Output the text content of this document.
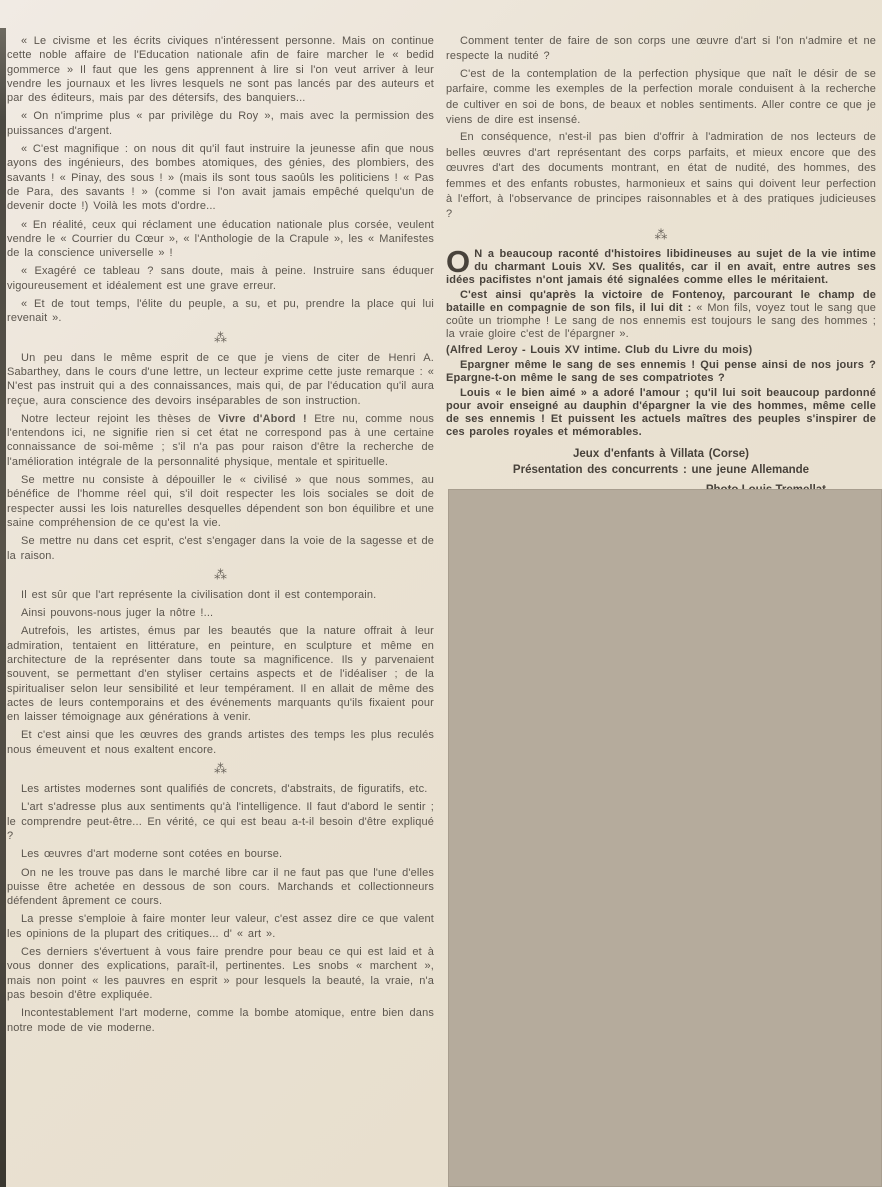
« Le civisme et les écrits civiques n'intéressent personne. Mais on continue cette noble affaire de l'Education nationale afin de faire marcher le « bedid gommerce » Il faut que les gens apprennent à lire si l'on veut arriver à leur vendre les journaux et les livres lesquels ne sont pas lancés par des auteurs et par des éditeurs, mais par des détersifs, des banquiers...

« On n'imprime plus « par privilège du Roy », mais avec la permission des puissances d'argent.

« C'est magnifique : on nous dit qu'il faut instruire la jeunesse afin que nous ayons des ingénieurs, des bombes atomiques, des génies, des plombiers, des savants ! « Pinay, des sous ! » (mais ils sont tous saoûls les politiciens ! « Pas de Para, des savants ! » (comme si l'on avait jamais empêché quelqu'un de devenir docte !) Voilà les mots d'ordre...

« En réalité, ceux qui réclament une éducation nationale plus corsée, veulent vendre le « Courrier du Cœur », « l'Anthologie de la Crapule », les « Manifestes de la conscience universelle » !

« Exagéré ce tableau ? sans doute, mais à peine. Instruire sans éduquer vigoureusement et idéalement est une grave erreur.

« Et de tout temps, l'élite du peuple, a su, et pu, prendre la place qui lui revenait ».

⁂

Un peu dans le même esprit de ce que je viens de citer de Henri A. Sabarthey, dans le cours d'une lettre, un lecteur exprime cette juste remarque : « N'est pas instruit qui a des connaissances, mais qui, de par l'éducation qu'il aura reçue, aura conscience des devoirs inséparables de son instruction.

Notre lecteur rejoint les thèses de Vivre d'Abord ! Etre nu, comme nous l'entendons ici, ne signifie rien si cet état ne correspond pas à une certaine connaissance de soi-même ; s'il n'a pas pour raison d'être la recherche de l'amélioration intégrale de la personnalité physique, mentale et spirituelle.

Se mettre nu consiste à dépouiller le « civilisé » que nous sommes, au bénéfice de l'homme réel qui, s'il doit respecter les lois sociales se doit de respecter aussi les lois naturelles desquelles dépendent son bon équilibre et une saine compréhension de ce qu'est la vie.

Se mettre nu dans cet esprit, c'est s'engager dans la voie de la sagesse et de la raison.

⁂

Il est sûr que l'art représente la civilisation dont il est contemporain.

Ainsi pouvons-nous juger la nôtre !...

Autrefois, les artistes, émus par les beautés que la nature offrait à leur admiration, tentaient en littérature, en peinture, en sculpture et même en architecture de la représenter dans toute sa magnificence. Ils y parvenaient souvent, se permettant d'en styliser certains aspects et de l'idéaliser ; de la spiritualiser selon leur sensibilité et leur tempérament. Il en allait de même des actes de leurs contemporains et des événements marquants qu'ils fixaient pour en laisser témoignage aux générations à venir.

Et c'est ainsi que les œuvres des grands artistes des temps les plus reculés nous émeuvent et nous exaltent encore.

⁂

Les artistes modernes sont qualifiés de concrets, d'abstraits, de figuratifs, etc.

L'art s'adresse plus aux sentiments qu'à l'intelligence. Il faut d'abord le sentir ; le comprendre peut-être... En vérité, ce qui est beau a-t-il besoin d'être expliqué ?

Les œuvres d'art moderne sont cotées en bourse.

On ne les trouve pas dans le marché libre car il ne faut pas que l'une d'elles puisse être achetée en dessous de son cours. Marchands et collectionneurs défendent âprement ce cours.

La presse s'emploie à faire monter leur valeur, c'est assez dire ce que valent les opinions de la plupart des critiques... d' « art ».

Ces derniers s'évertuent à vous faire prendre pour beau ce qui est laid et à vous donner des explications, paraît-il, pertinentes. Les snobs « marchent », mais non point « les pauvres en esprit » pour lesquels la beauté, la vraie, n'a pas besoin d'être expliquée.

Incontestablement l'art moderne, comme la bombe atomique, entre bien dans notre mode de vie moderne.

Comment tenter de faire de son corps une œuvre d'art si l'on n'admire et ne respecte la nudité ?

C'est de la contemplation de la perfection physique que naît le désir de se parfaire, comme les exemples de la perfection morale conduisent à la recherche de cultiver en soi de bons, de beaux et nobles sentiments. Aller contre ce que je viens de dire est insensé.

En conséquence, n'est-il pas bien d'offrir à l'admiration de nos lecteurs de belles œuvres d'art représentant des corps parfaits, et mieux encore que des œuvres d'art des documents montrant, en état de nudité, des hommes, des femmes et des enfants robustes, harmonieux et sains qui doivent leur perfection à l'effort, à l'observance de principes raisonnables et à des pratiques judicieuses ?

⁂

O N a beaucoup raconté d'histoires libidineuses au sujet de la vie intime du charmant Louis XV. Ses qualités, car il en avait, entre autres ses idées pacifistes n'ont jamais été signalées comme elles le méritaient.

C'est ainsi qu'après la victoire de Fontenoy, parcourant le champ de bataille en compagnie de son fils, il lui dit : « Mon fils, voyez tout le sang que coûte un triomphe ! Le sang de nos ennemis est toujours le sang des hommes ; la vraie gloire c'est de l'épargner ».

(Alfred Leroy - Louis XV intime. Club du Livre du mois)

Epargner même le sang de ses ennemis ! Qui pense ainsi de nos jours ? Epargne-t-on même le sang de ses compatriotes ?

Louis « le bien aimé » a adoré l'amour ; qu'il lui soit beaucoup pardonné pour avoir enseigné au dauphin d'épargner la vie des hommes, même celle de ses ennemis ! Et puissent les actuels maîtres des peuples s'inspirer de ces paroles royales et mémorables.

Jeux d'enfants à Villata (Corse)
Présentation des concurrents : une jeune Allemande
